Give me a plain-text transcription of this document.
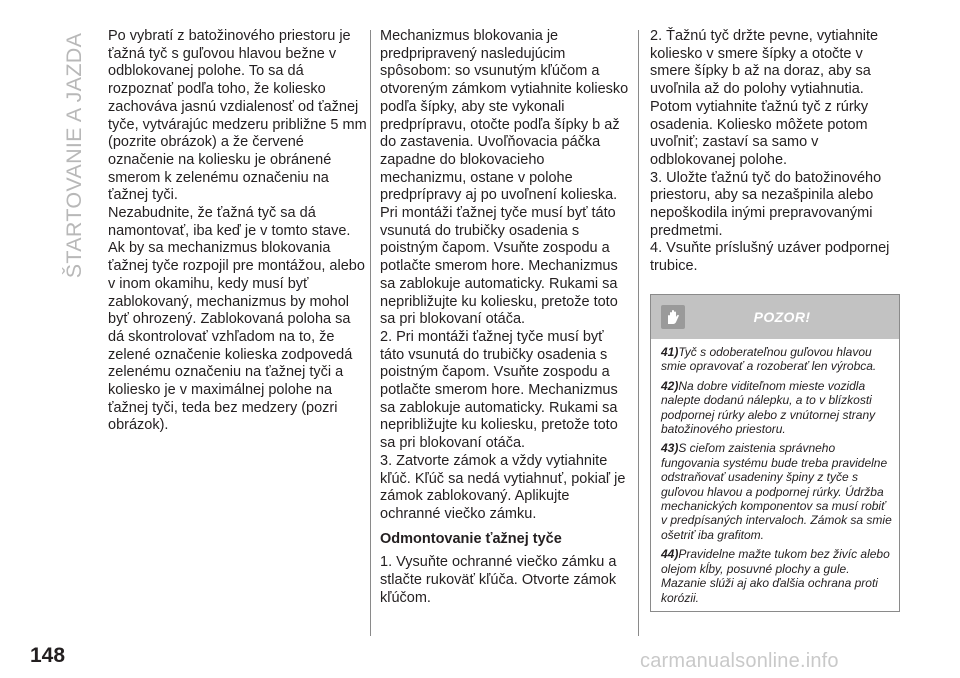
ŠTARTOVANIE A JAZDA
148

Po vybratí z batožinového priestoru je ťažná tyč s guľovou hlavou bežne v odblokovanej polohe. To sa dá rozpoznať podľa toho, že koliesko zachováva jasnú vzdialenosť od ťažnej tyče, vytvárajúc medzeru približne 5 mm (pozrite obrázok) a že červené označenie na koliesku je obránené smerom k zelenému označeniu na ťažnej tyči.

Nezabudnite, že ťažná tyč sa dá namontovať, iba keď je v tomto stave. Ak by sa mechanizmus blokovania ťažnej tyče rozpojil pre montážou, alebo v inom okamihu, kedy musí byť zablokovaný, mechanizmus by mohol byť ohrozený. Zablokovaná poloha sa dá skontrolovať vzhľadom na to, že zelené označenie kolieska zodpovedá zelenému označeniu na ťažnej tyči a koliesko je v maximálnej polohe na ťažnej tyči, teda bez medzery (pozri obrázok).

Mechanizmus blokovania je predpripravený nasledujúcim spôsobom: so vsunutým kľúčom a otvoreným zámkom vytiahnite koliesko podľa šípky, aby ste vykonali predprípravu, otočte podľa šípky b až do zastavenia. Uvoľňovacia páčka zapadne do blokovacieho mechanizmu, ostane v polohe predprípravy aj po uvoľnení kolieska. Pri montáži ťažnej tyče musí byť táto vsunutá do trubičky osadenia s poistným čapom. Vsuňte zospodu a potlačte smerom hore. Mechanizmus sa zablokuje automaticky. Rukami sa nepribližujte ku koliesku, pretože toto sa pri blokovaní otáča.

2. Pri montáži ťažnej tyče musí byť táto vsunutá do trubičky osadenia s poistným čapom. Vsuňte zospodu a potlačte smerom hore. Mechanizmus sa zablokuje automaticky. Rukami sa nepribližujte ku koliesku, pretože toto sa pri blokovaní otáča.

3. Zatvorte zámok a vždy vytiahnite kľúč. Kľúč sa nedá vytiahnuť, pokiaľ je zámok zablokovaný. Aplikujte ochranné viečko zámku.

Odmontovanie ťažnej tyče

1. Vysuňte ochranné viečko zámku a stlačte rukoväť kľúča. Otvorte zámok kľúčom.

2. Ťažnú tyč držte pevne, vytiahnite koliesko v smere šípky a otočte v smere šípky b až na doraz, aby sa uvoľnila až do polohy vytiahnutia. Potom vytiahnite ťažnú tyč z rúrky osadenia. Koliesko môžete potom uvoľniť; zastaví sa samo v odblokovanej polohe.

3. Uložte ťažnú tyč do batožinového priestoru, aby sa nezašpinila alebo nepoškodila inými prepravovanými predmetmi.

4. Vsuňte príslušný uzáver podpornej trubice.

POZOR!

41)Tyč s odoberateľnou guľovou hlavou smie opravovať a rozoberať len výrobca.

42)Na dobre viditeľnom mieste vozidla nalepte dodanú nálepku, a to v blízkosti podpornej rúrky alebo z vnútornej strany batožinového priestoru.

43)S cieľom zaistenia správneho fungovania systému bude treba pravidelne odstraňovať usadeniny špiny z tyče s guľovou hlavou a podpornej rúrky. Údržba mechanických komponentov sa musí robiť v predpísaných intervaloch. Zámok sa smie ošetriť iba grafitom.

44)Pravidelne mažte tukom bez živíc alebo olejom kĺby, posuvné plochy a gule. Mazanie slúži aj ako ďalšia ochrana proti korózii.

carmanualsonline.info
